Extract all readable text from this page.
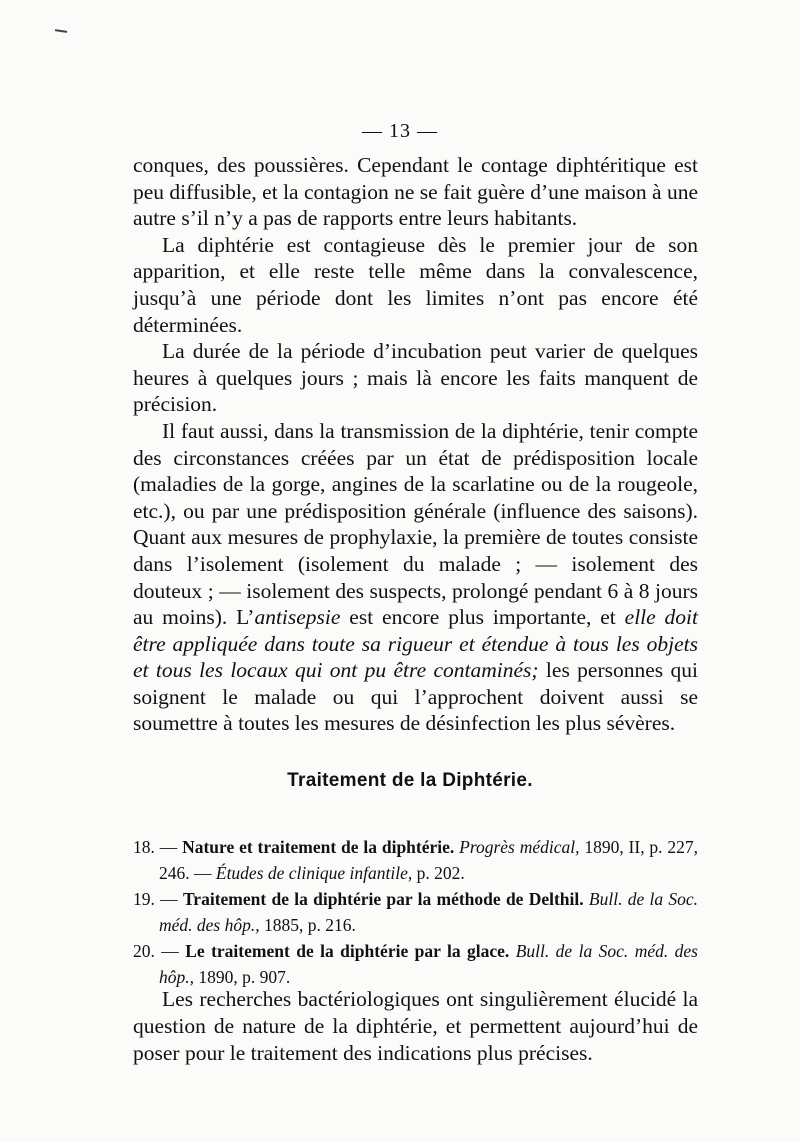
— 13 —

conques, des poussières. Cependant le contage diphtéritique est peu diffusible, et la contagion ne se fait guère d’une maison à une autre s’il n’y a pas de rapports entre leurs habitants.

La diphtérie est contagieuse dès le premier jour de son apparition, et elle reste telle même dans la convalescence, jusqu’à une période dont les limites n’ont pas encore été déterminées.

La durée de la période d’incubation peut varier de quelques heures à quelques jours ; mais là encore les faits manquent de précision.

Il faut aussi, dans la transmission de la diphtérie, tenir compte des circonstances créées par un état de prédisposition locale (maladies de la gorge, angines de la scarlatine ou de la rougeole, etc.), ou par une prédisposition générale (influence des saisons). Quant aux mesures de prophylaxie, la première de toutes consiste dans l’isolement (isolement du malade ; — isolement des douteux ; — isolement des suspects, prolongé pendant 6 à 8 jours au moins). L’antisepsie est encore plus importante, et elle doit être appliquée dans toute sa rigueur et étendue à tous les objets et tous les locaux qui ont pu être contaminés; les personnes qui soignent le malade ou qui l’approchent doivent aussi se soumettre à toutes les mesures de désinfection les plus sévères.

Traitement de la Diphtérie.

18. — Nature et traitement de la diphtérie. Progrès médical, 1890, II, p. 227, 246. — Études de clinique infantile, p. 202.

19. — Traitement de la diphtérie par la méthode de Delthil. Bull. de la Soc. méd. des hôp., 1885, p. 216.

20. — Le traitement de la diphtérie par la glace. Bull. de la Soc. méd. des hôp., 1890, p. 907.

Les recherches bactériologiques ont singulièrement élucidé la question de nature de la diphtérie, et permettent aujourd’hui de poser pour le traitement des indications plus précises.
